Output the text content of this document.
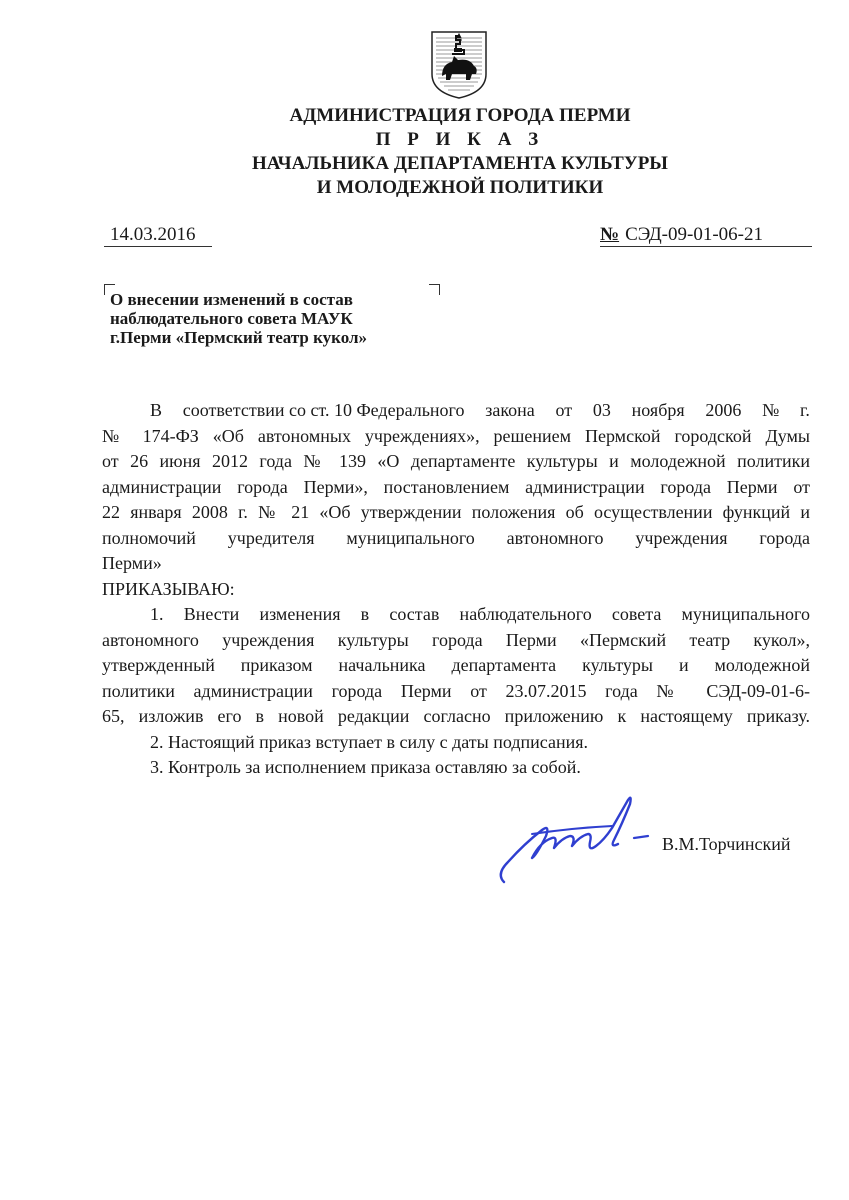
АДМИНИСТРАЦИЯ ГОРОДА ПЕРМИ
П Р И К А З
НАЧАЛЬНИКА ДЕПАРТАМЕНТА КУЛЬТУРЫ
И МОЛОДЕЖНОЙ ПОЛИТИКИ
14.03.2016	№ СЭД-09-01-06-21
О внесении изменений в состав
наблюдательного совета МАУК
г.Перми «Пермский театр кукол»
В соответствии со ст. 10 Федерального закона от 03 ноября 2006 № г.
№ 174-ФЗ «Об автономных учреждениях», решением Пермской городской Думы
от 26 июня 2012 года № 139 «О департаменте культуры и молодежной политики
администрации города Перми», постановлением администрации города Перми от
22 января 2008 г. № 21 «Об утверждении положения об осуществлении функций и
полномочий учредителя муниципального автономного учреждения города
Перми»
ПРИКАЗЫВАЮ:
1. Внести изменения в состав наблюдательного совета муниципального
автономного учреждения культуры города Перми «Пермский театр кукол»,
утвержденный приказом начальника департамента культуры и молодежной
политики администрации города Перми от 23.07.2015 года № СЭД-09-01-6-
65, изложив его в новой редакции согласно приложению к настоящему приказу.
2. Настоящий приказ вступает в силу с даты подписания.
3. Контроль за исполнением приказа оставляю за собой.
В.М.Торчинский
